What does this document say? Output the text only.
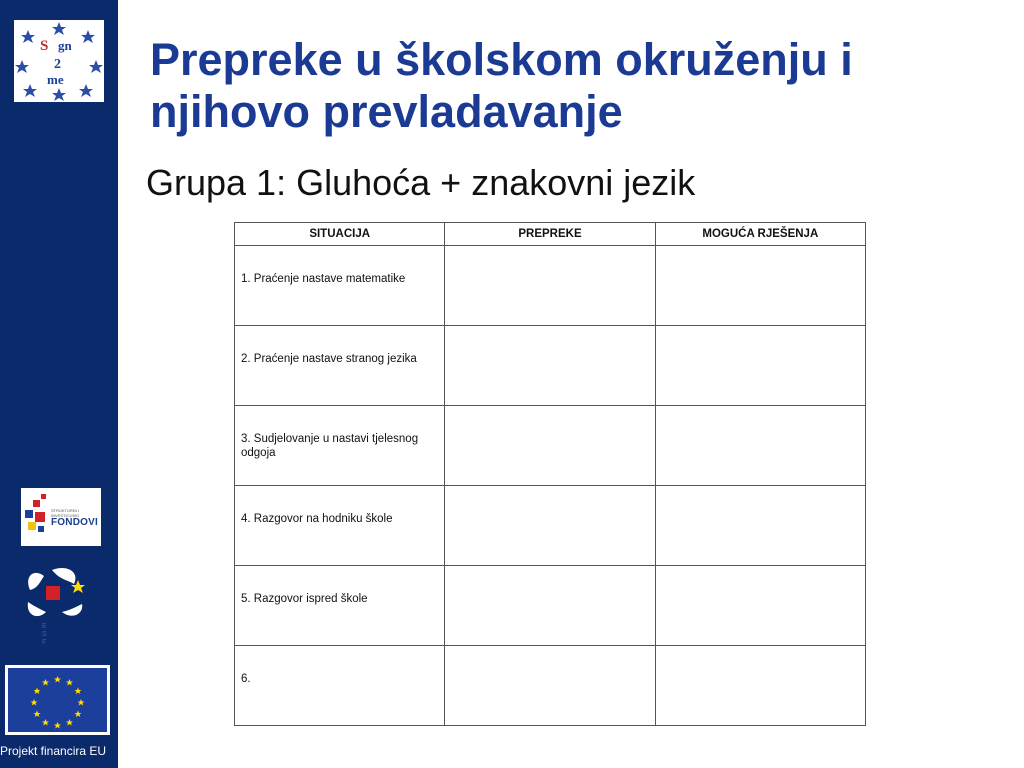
S gn
2
me
STRUKTURNI I INVESTICIJSKI
FONDOVI
E
S
F
Projekt financira EU
Prepreke u školskom okruženju i njihovo prevladavanje

Grupa 1: Gluhoća + znakovni jezik

SITUACIJA	PREPREKE	MOGUĆA RJEŠENJA

1. Praćenje nastave matematike		

2. Praćenje nastave stranog jezika		

3. Sudjelovanje u nastavi tjelesnog odgoja		

4. Razgovor na hodniku škole		

5. Razgovor ispred škole		

6.		
